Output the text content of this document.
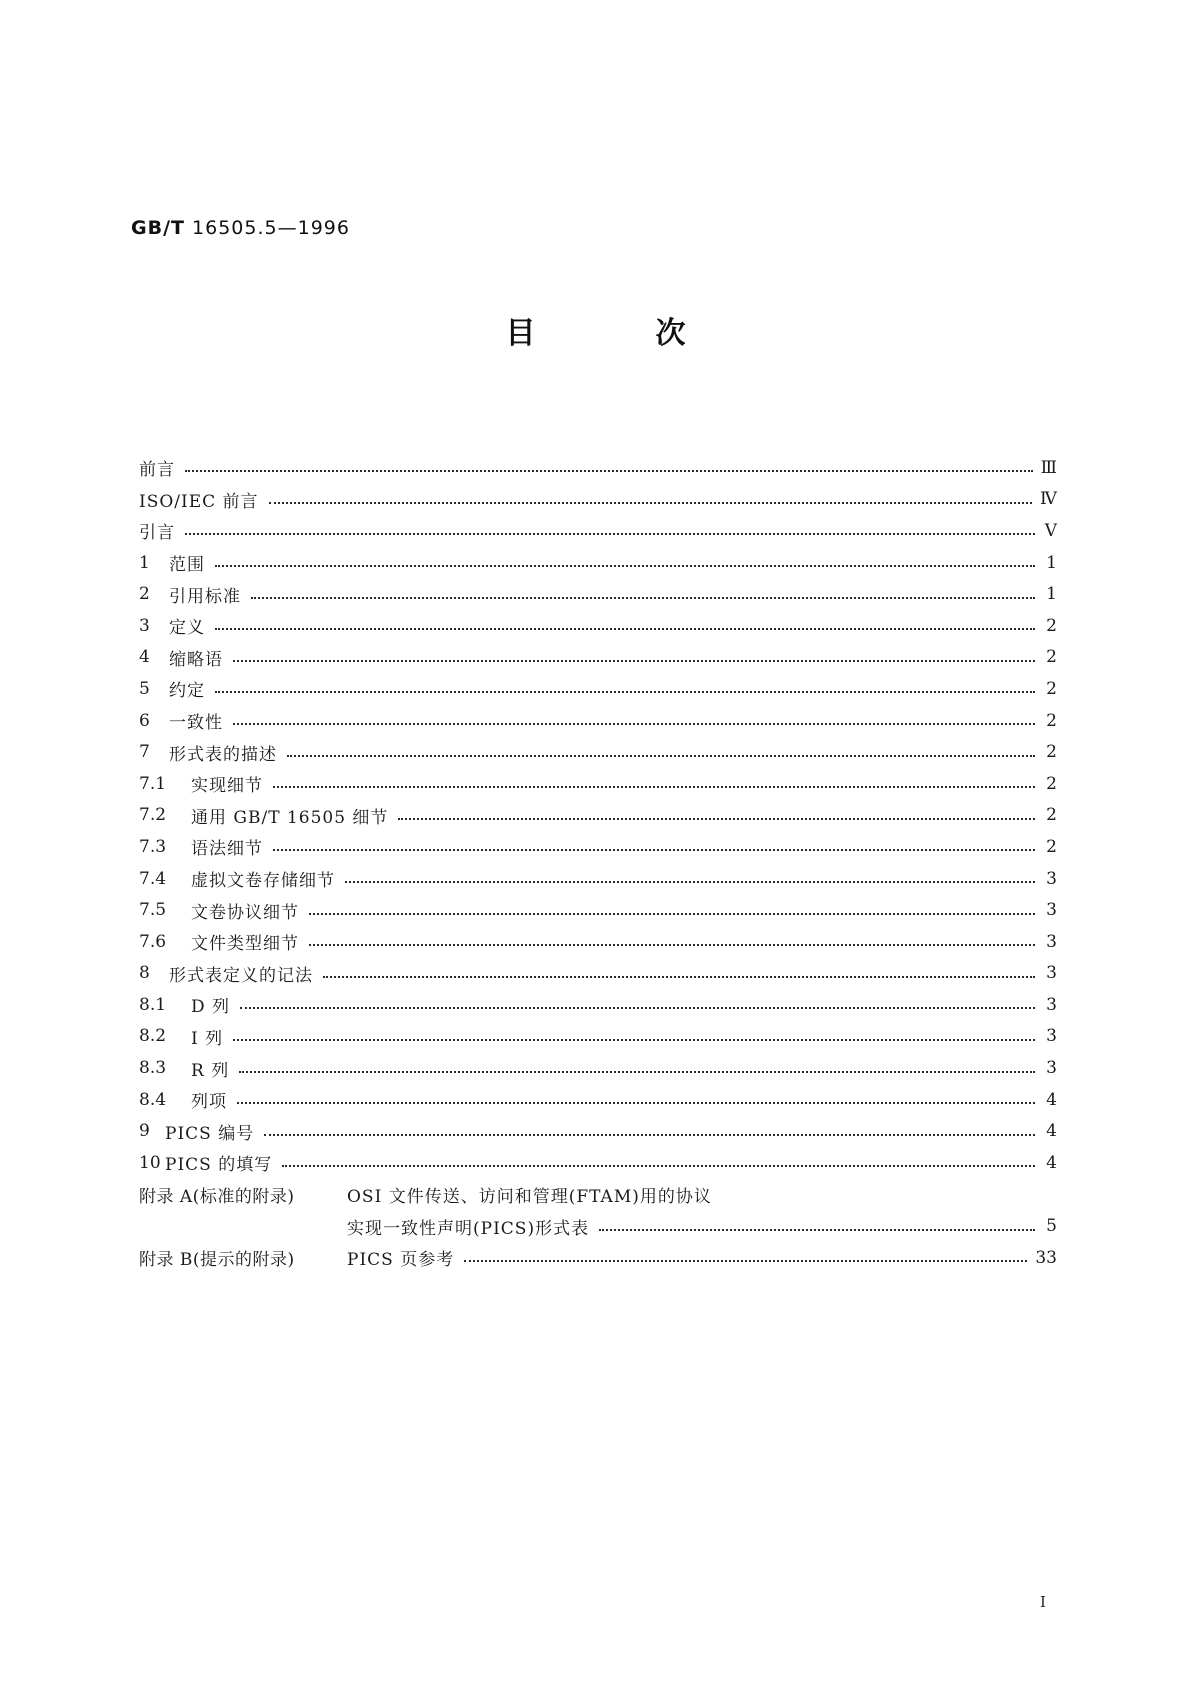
GB/T 16505.5—1996
目	次
前言	Ⅲ
ISO/IEC 前言	Ⅳ
引言	Ⅴ
1	范围	1
2	引用标准	1
3	定义	2
4	缩略语	2
5	约定	2
6	一致性	2
7	形式表的描述	2
7.1	实现细节	2
7.2	通用 GB/T 16505 细节	2
7.3	语法细节	2
7.4	虚拟文卷存储细节	3
7.5	文卷协议细节	3
7.6	文件类型细节	3
8	形式表定义的记法	3
8.1	D 列	3
8.2	I 列	3
8.3	R 列	3
8.4	列项	4
9 PICS 编号	4
10 PICS 的填写	4
附录 A(标准的附录)	OSI 文件传送、访问和管理(FTAM)用的协议
实现一致性声明(PICS)形式表	5
附录 B(提示的附录)	PICS 页参考	33
I
